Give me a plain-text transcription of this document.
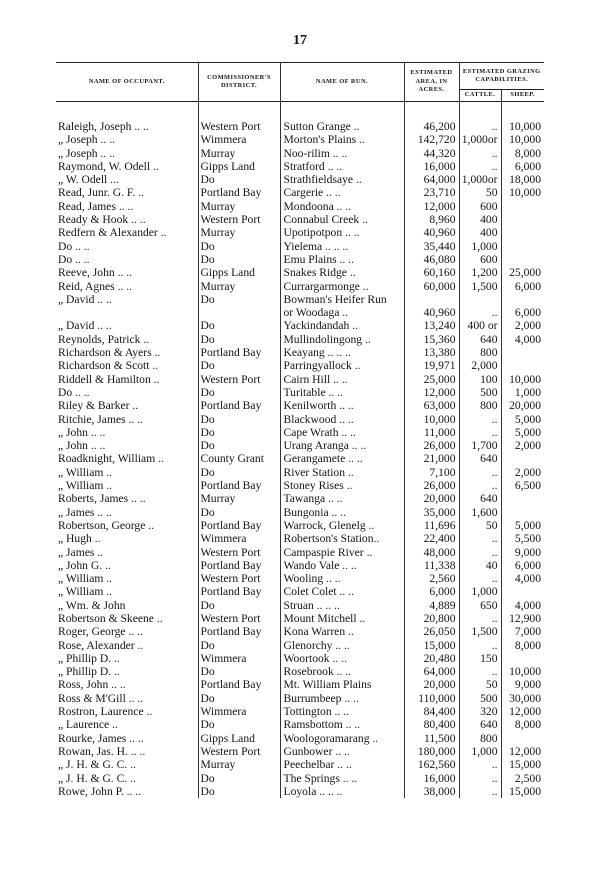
17
NAME OF OCCUPANT.	COMMISSIONER'S DISTRICT.	NAME OF RUN.	ESTIMATED AREA, IN ACRES.	ESTIMATED GRAZING CAPABILITIES.	
				CATTLE.	SHEEP.

Raleigh, Joseph .. ..	Western Port	Sutton Grange ..	46,200	..	10,000
„ Joseph .. ..	Wimmera	Morton's Plains ..	142,720	1,000or	10,000
„ Joseph .. ..	Murray	Noo-rilim .. ..	44,320	..	8,000
Raymond, W. Odell ..	Gipps Land	Stratford .. ..	16,000	..	6,000
„ W. Odell ...	Do	Strathfieldsaye ..	64,000	1,000or	18,000
Read, Junr. G. F. ..	Portland Bay	Cargerie .. ..	23,710	50	10,000
Read, James .. ..	Murray	Mondoona .. ..	12,000	600	
Ready & Hook .. ..	Western Port	Connabul Creek ..	8,960	400	
Redfern & Alexander ..	Murray	Upotipotpon .. ..	40,960	400	
Do .. ..	Do	Yielema .. .. ..	35,440	1,000	
Do .. ..	Do	Emu Plains .. ..	46,080	600	
Reeve, John .. ..	Gipps Land	Snakes Ridge ..	60,160	1,200	25,000
Reid, Agnes .. ..	Murray	Currargarmonge ..	60,000	1,500	6,000
„ David .. ..	Do	Bowman's Heifer Run			
		or Woodaga ..	40,960	..	6,000
„ David .. ..	Do	Yackindandah ..	13,240	400 or	2,000
Reynolds, Patrick ..	Do	Mullindolingong ..	15,360	640	4,000
Richardson & Ayers ..	Portland Bay	Keayang .. .. ..	13,380	800	
Richardson & Scott ..	Do	Parringyallock ..	19,971	2,000	
Riddell & Hamilton ..	Western Port	Cairn Hill .. ..	25,000	100	10,000
Do .. ..	Do	Turitable .. ..	12,000	500	1,000
Riley & Barker ..	Portland Bay	Kenilworth .. ..	63,000	800	20,000
Ritchie, James .. ..	Do	Blackwood .. ..	10,000	..	5,000
„ John .. ..	Do	Cape Wrath .. ..	11,000	..	5,000
„ John .. ..	Do	Urang Aranga .. ..	26,000	1,700	2,000
Roadknight, William ..	County Grant	Gerangamete .. ..	21,000	640	
„ William ..	Do	River Station ..	7,100	..	2,000
„ William ..	Portland Bay	Stoney Rises ..	26,000	..	6,500
Roberts, James .. ..	Murray	Tawanga .. ..	20,000	640	
„ James .. ..	Do	Bungonia .. ..	35,000	1,600	
Robertson, George ..	Portland Bay	Warrock, Glenelg ..	11,696	50	5,000
„ Hugh ..	Wimmera	Robertson's Station..	22,400	..	5,500
„ James ..	Western Port	Campaspie River ..	48,000	..	9,000
„ John G. ..	Portland Bay	Wando Vale .. ..	11,338	40	6,000
„ William ..	Western Port	Wooling .. ..	2,560	..	4,000
„ William ..	Portland Bay	Colet Colet .. ..	6,000	1,000	
„ Wm. & John	Do	Struan .. .. ..	4,889	650	4,000
Robertson & Skeene ..	Western Port	Mount Mitchell ..	20,800	..	12,900
Roger, George .. ..	Portland Bay	Kona Warren ..	26,050	1,500	7,000
Rose, Alexander ..	Do	Glenorchy .. ..	15,000	..	8,000
„ Phillip D. ..	Wimmera	Woortook .. ..	20,480	150	
„ Phillip D. ..	Do	Rosebrook .. ..	64,000	..	10,000
Ross, John .. ..	Portland Bay	Mt. William Plains	20,000	50	9,000
Ross & M'Gill .. ..	Do	Burrumbeep .. ..	110,000	500	30,000
Rostron, Laurence ..	Wimmera	Tottington .. ..	84,400	320	12,000
„ Laurence ..	Do	Ramsbottom .. ..	80,400	640	8,000
Rourke, James .. ..	Gipps Land	Woologoramarang ..	11,500	800	
Rowan, Jas. H. .. ..	Western Port	Gunbower .. ..	180,000	1,000	12,000
„ J. H. & G. C. ..	Murray	Peechelbar .. ..	162,560	..	15,000
„ J. H. & G. C. ..	Do	The Springs .. ..	16,000	..	2,500
Rowe, John P. .. ..	Do	Loyola .. .. ..	38,000	..	15,000
